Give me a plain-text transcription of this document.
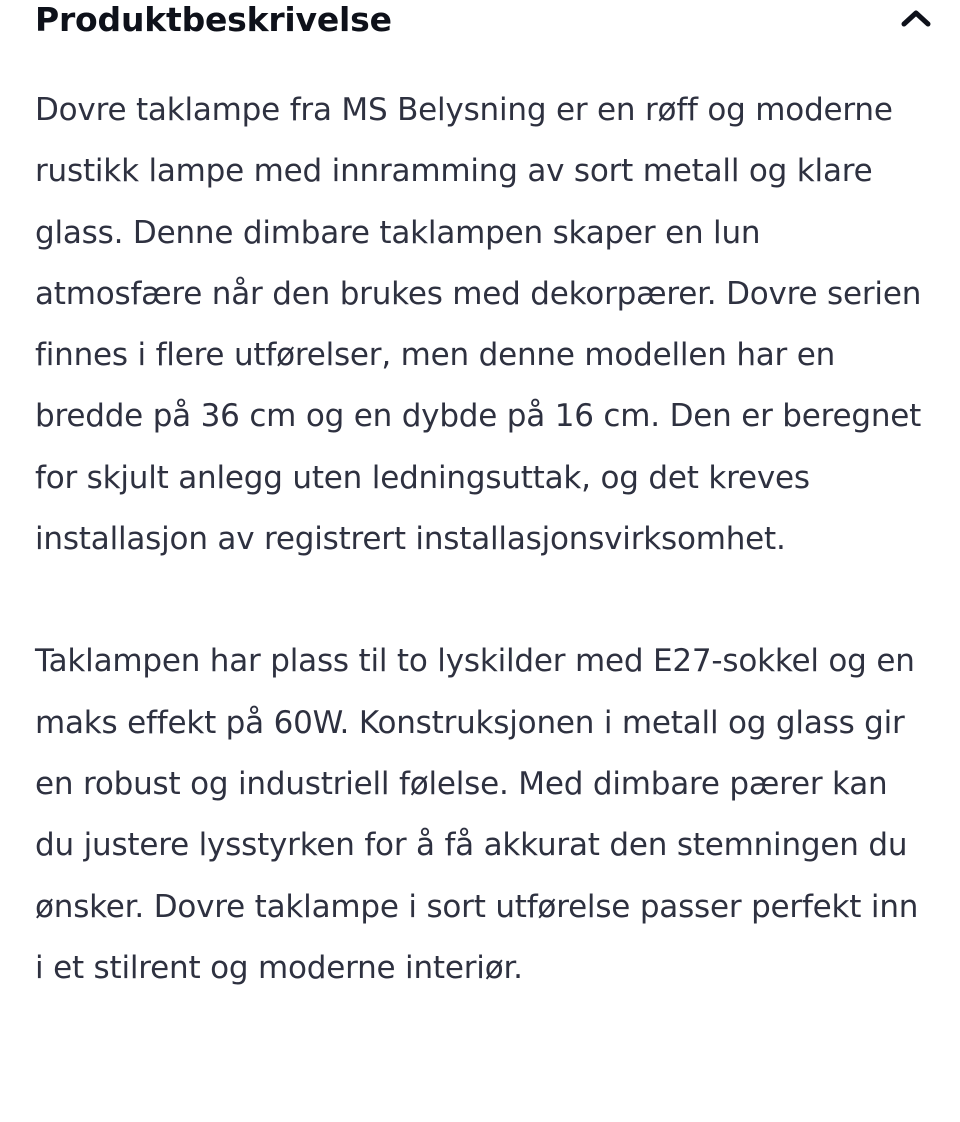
Produktbeskrivelse

Dovre taklampe fra MS Belysning er en røff og moderne rustikk lampe med innramming av sort metall og klare glass. Denne dimbare taklampen skaper en lun atmosfære når den brukes med dekorpærer. Dovre serien finnes i flere utførelser, men denne modellen har en bredde på 36 cm og en dybde på 16 cm. Den er beregnet for skjult anlegg uten ledningsuttak, og det kreves installasjon av registrert installasjonsvirksomhet.

Taklampen har plass til to lyskilder med E27-sokkel og en maks effekt på 60W. Konstruksjonen i metall og glass gir en robust og industriell følelse. Med dimbare pærer kan du justere lysstyrken for å få akkurat den stemningen du ønsker. Dovre taklampe i sort utførelse passer perfekt inn i et stilrent og moderne interiør.
